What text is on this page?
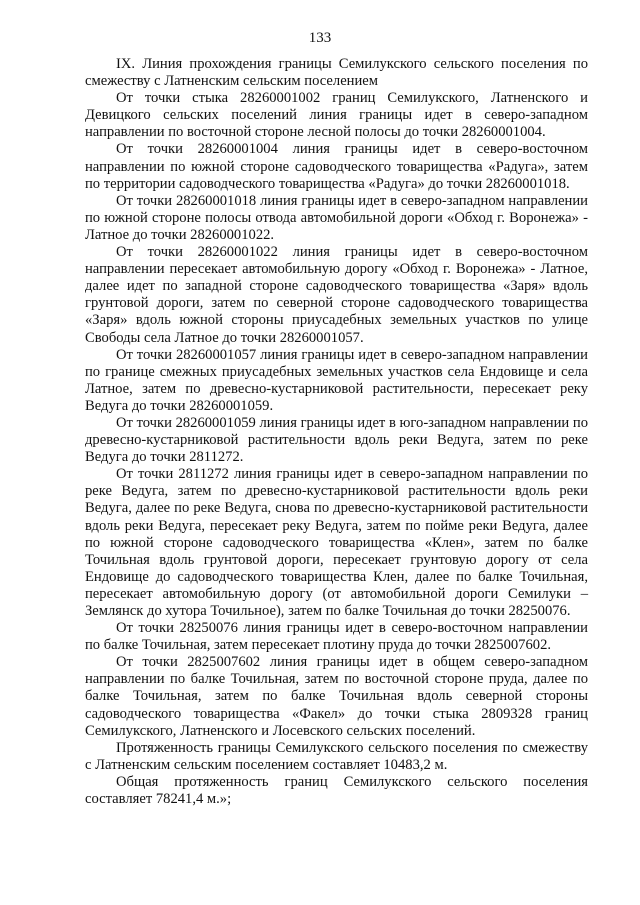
133

IX. Линия прохождения границы Семилукского сельского поселения по смежеству с Латненским сельским поселением

От точки стыка 28260001002 границ Семилукского, Латненского и Девицкого сельских поселений линия границы идет в северо-западном направлении по восточной стороне лесной полосы до точки 28260001004.

От точки 28260001004 линия границы идет в северо-восточном направлении по южной стороне садоводческого товарищества «Радуга», затем по территории садоводческого товарищества «Радуга» до точки 28260001018.

От точки 28260001018 линия границы идет в северо-западном направлении по южной стороне полосы отвода автомобильной дороги «Обход г. Воронежа» - Латное до точки 28260001022.

От точки 28260001022 линия границы идет в северо-восточном направлении пересекает автомобильную дорогу «Обход г. Воронежа» - Латное, далее идет по западной стороне садоводческого товарищества «Заря» вдоль грунтовой дороги, затем по северной стороне садоводческого товарищества «Заря» вдоль южной стороны приусадебных земельных участков по улице Свободы села Латное до точки 28260001057.

От точки 28260001057 линия границы идет в северо-западном направлении по границе смежных приусадебных земельных участков села Ендовище и села Латное, затем по древесно-кустарниковой растительности, пересекает реку Ведуга до точки 28260001059.

От точки 28260001059 линия границы идет в юго-западном направлении по древесно-кустарниковой растительности вдоль реки Ведуга, затем по реке Ведуга до точки 2811272.

От точки 2811272 линия границы идет в северо-западном направлении по реке Ведуга, затем по древесно-кустарниковой растительности вдоль реки Ведуга, далее по реке Ведуга, снова по древесно-кустарниковой растительности вдоль реки Ведуга, пересекает реку Ведуга, затем по пойме реки Ведуга, далее по южной стороне садоводческого товарищества «Клен», затем по балке Точильная вдоль грунтовой дороги, пересекает грунтовую дорогу от села Ендовище до садоводческого товарищества Клен, далее по балке Точильная, пересекает автомобильную дорогу (от автомобильной дороги Семилуки – Землянск до хутора Точильное), затем по балке Точильная до точки 28250076.

От точки 28250076 линия границы идет в северо-восточном направлении по балке Точильная, затем пересекает плотину пруда до точки 2825007602.

От точки 2825007602 линия границы идет в общем северо-западном направлении по балке Точильная, затем по восточной стороне пруда, далее по балке Точильная, затем по балке Точильная вдоль северной стороны садоводческого товарищества «Факел» до точки стыка 2809328 границ Семилукского, Латненского и Лосевского сельских поселений.

Протяженность границы Семилукского сельского поселения по смежеству с Латненским сельским поселением составляет 10483,2 м.

Общая протяженность границ Семилукского сельского поселения составляет 78241,4 м.»;
